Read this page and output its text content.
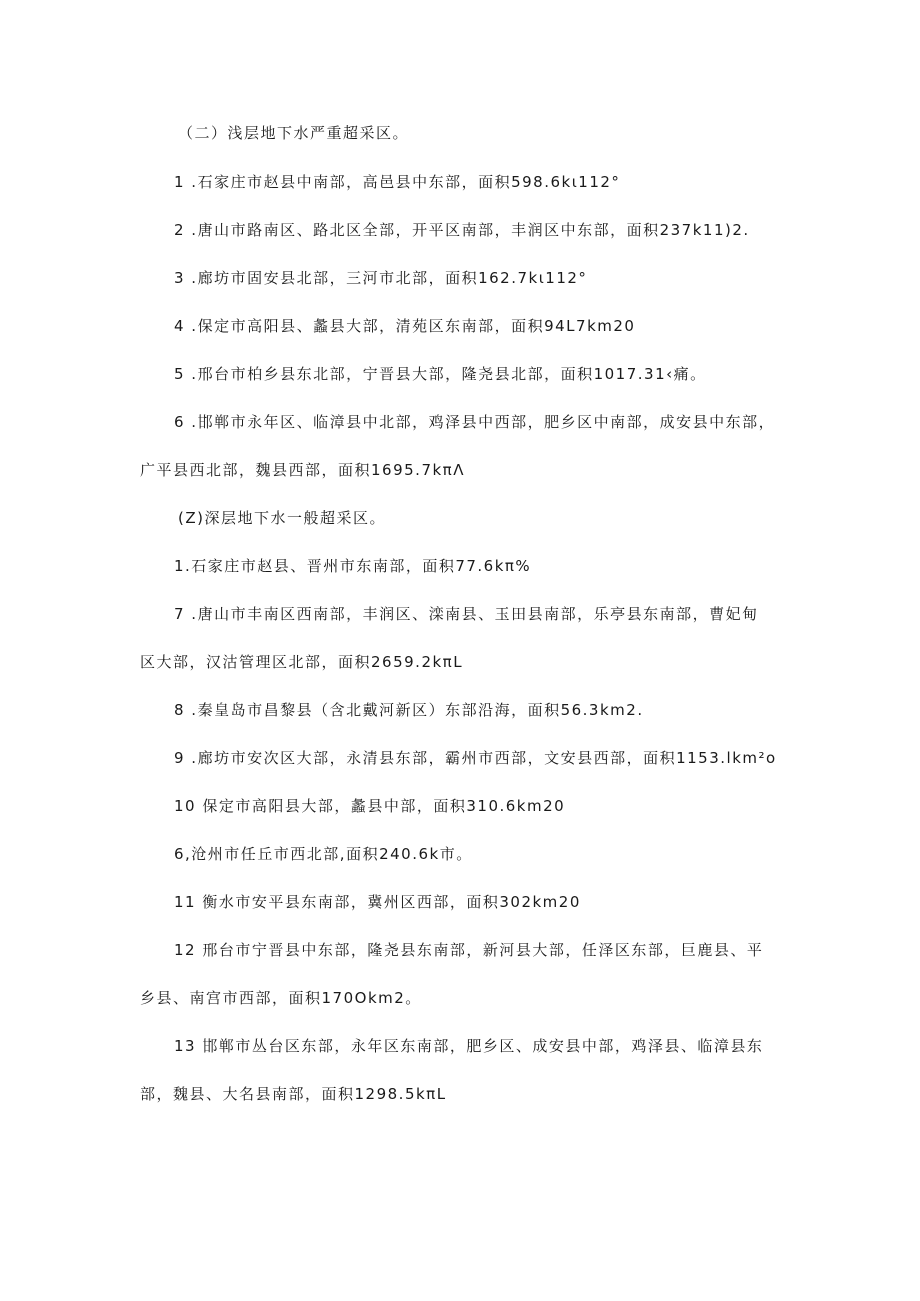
（二）浅层地下水严重超采区。
1 .石家庄市赵县中南部，高邑县中东部，面积598.6kι112°
2 .唐山市路南区、路北区全部，开平区南部，丰润区中东部，面积237k11)2.
3 .廊坊市固安县北部，三河市北部，面积162.7kι112°
4 .保定市高阳县、蠡县大部，清苑区东南部，面积94L7km20
5 .邢台市柏乡县东北部，宁晋县大部，隆尧县北部，面积1017.31‹痛。
6 .邯郸市永年区、临漳县中北部，鸡泽县中西部，肥乡区中南部，成安县中东部，
广平县西北部，魏县西部，面积1695.7kπΛ
(Z)深层地下水一般超采区。
1.石家庄市赵县、晋州市东南部，面积77.6kπ%
7 .唐山市丰南区西南部，丰润区、滦南县、玉田县南部，乐亭县东南部，曹妃甸
区大部，汉沽管理区北部，面积2659.2kπL
8 .秦皇岛市昌黎县（含北戴河新区）东部沿海，面积56.3km2.
9 .廊坊市安次区大部，永清县东部，霸州市西部，文安县西部，面积1153.lkm²o
10 保定市高阳县大部，蠡县中部，面积310.6km20
6,沧州市任丘市西北部,面积240.6k市。
11 衡水市安平县东南部，冀州区西部，面积302km20
12 邢台市宁晋县中东部，隆尧县东南部，新河县大部，任泽区东部，巨鹿县、平
乡县、南宫市西部，面积170Okm2。
13 邯郸市丛台区东部，永年区东南部，肥乡区、成安县中部，鸡泽县、临漳县东
部，魏县、大名县南部，面积1298.5kπL
